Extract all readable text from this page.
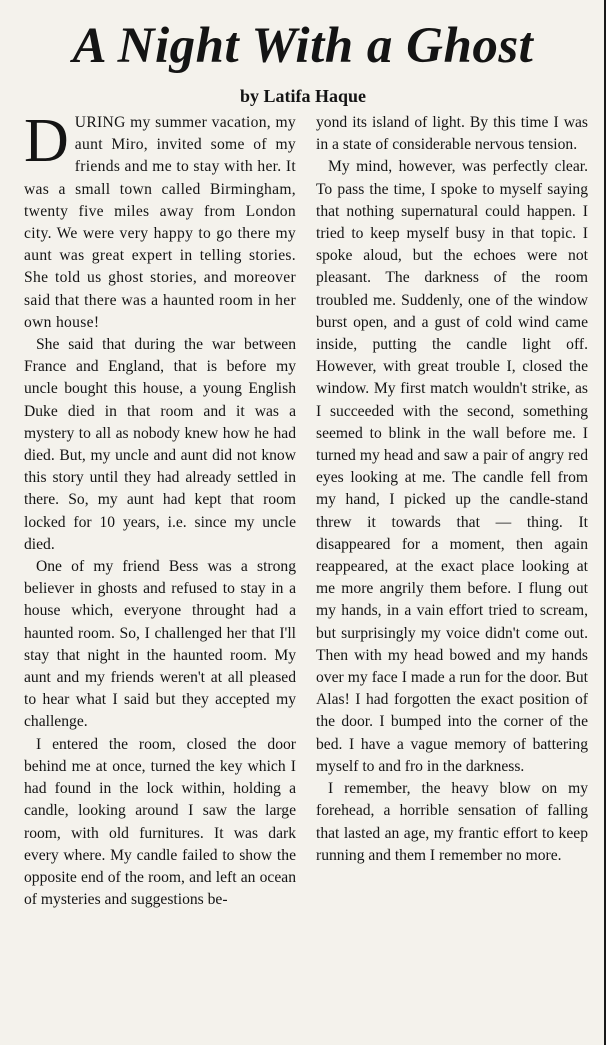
A Night With a Ghost

by Latifa Haque

DURING my summer vacation, my aunt Miro, invited some of my friends and me to stay with her. It was a small town called Birmingham, twenty five miles away from London city. We were very happy to go there my aunt was great expert in telling stories. She told us ghost stories, and moreover said that there was a haunted room in her own house!

She said that during the war between France and England, that is before my uncle bought this house, a young English Duke died in that room and it was a mystery to all as nobody knew how he had died. But, my uncle and aunt did not know this story until they had already settled in there. So, my aunt had kept that room locked for 10 years, i.e. since my uncle died.

One of my friend Bess was a strong believer in ghosts and refused to stay in a house which, everyone throught had a haunted room. So, I challenged her that I'll stay that night in the haunted room. My aunt and my friends weren't at all pleased to hear what I said but they accepted my challenge.

I entered the room, closed the door behind me at once, turned the key which I had found in the lock within, holding a candle, looking around I saw the large room, with old furnitures. It was dark every where. My candle failed to show the opposite end of the room, and left an ocean of mysteries and suggestions be-

yond its island of light. By this time I was in a state of considerable nervous tension.

My mind, however, was perfectly clear. To pass the time, I spoke to myself saying that nothing supernatural could happen. I tried to keep myself busy in that topic. I spoke aloud, but the echoes were not pleasant. The darkness of the room troubled me. Suddenly, one of the window burst open, and a gust of cold wind came inside, putting the candle light off. However, with great trouble I, closed the window. My first match wouldn't strike, as I succeeded with the second, something seemed to blink in the wall before me. I turned my head and saw a pair of angry red eyes looking at me. The candle fell from my hand, I picked up the candle-stand threw it towards that — thing. It disappeared for a moment, then again reappeared, at the exact place looking at me more angrily them before. I flung out my hands, in a vain effort tried to scream, but surprisingly my voice didn't come out. Then with my head bowed and my hands over my face I made a run for the door. But Alas! I had forgotten the exact position of the door. I bumped into the corner of the bed. I have a vague memory of battering myself to and fro in the darkness.

I remember, the heavy blow on my forehead, a horrible sensation of falling that lasted an age, my frantic effort to keep running and them I remember no more.
